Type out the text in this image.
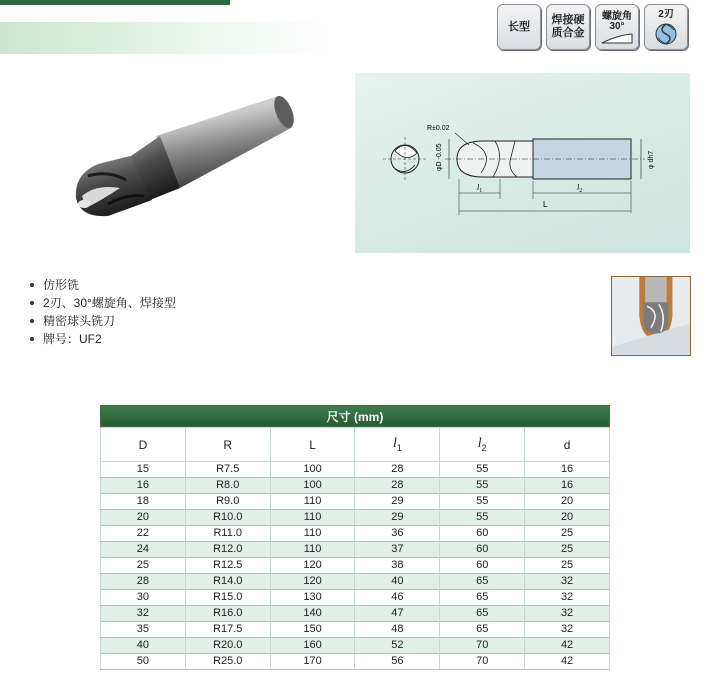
长型
焊接硬
质合金
螺旋角
30°
2刃
R±0.02
φD -0.05	φ dh7
$l_1$	$l_2$
L
仿形铣
2刃、30°螺旋角、焊接型
精密球头铣刀
牌号：UF2
尺寸 (mm)
D	R	L	$l_1$	$l_2$	d
15	R7.5	100	28	55	16
16	R8.0	100	28	55	16
18	R9.0	110	29	55	20
20	R10.0	110	29	55	20
22	R11.0	110	36	60	25
24	R12.0	110	37	60	25
25	R12.5	120	38	60	25
28	R14.0	120	40	65	32
30	R15.0	130	46	65	32
32	R16.0	140	47	65	32
35	R17.5	150	48	65	32
40	R20.0	160	52	70	42
50	R25.0	170	56	70	42
